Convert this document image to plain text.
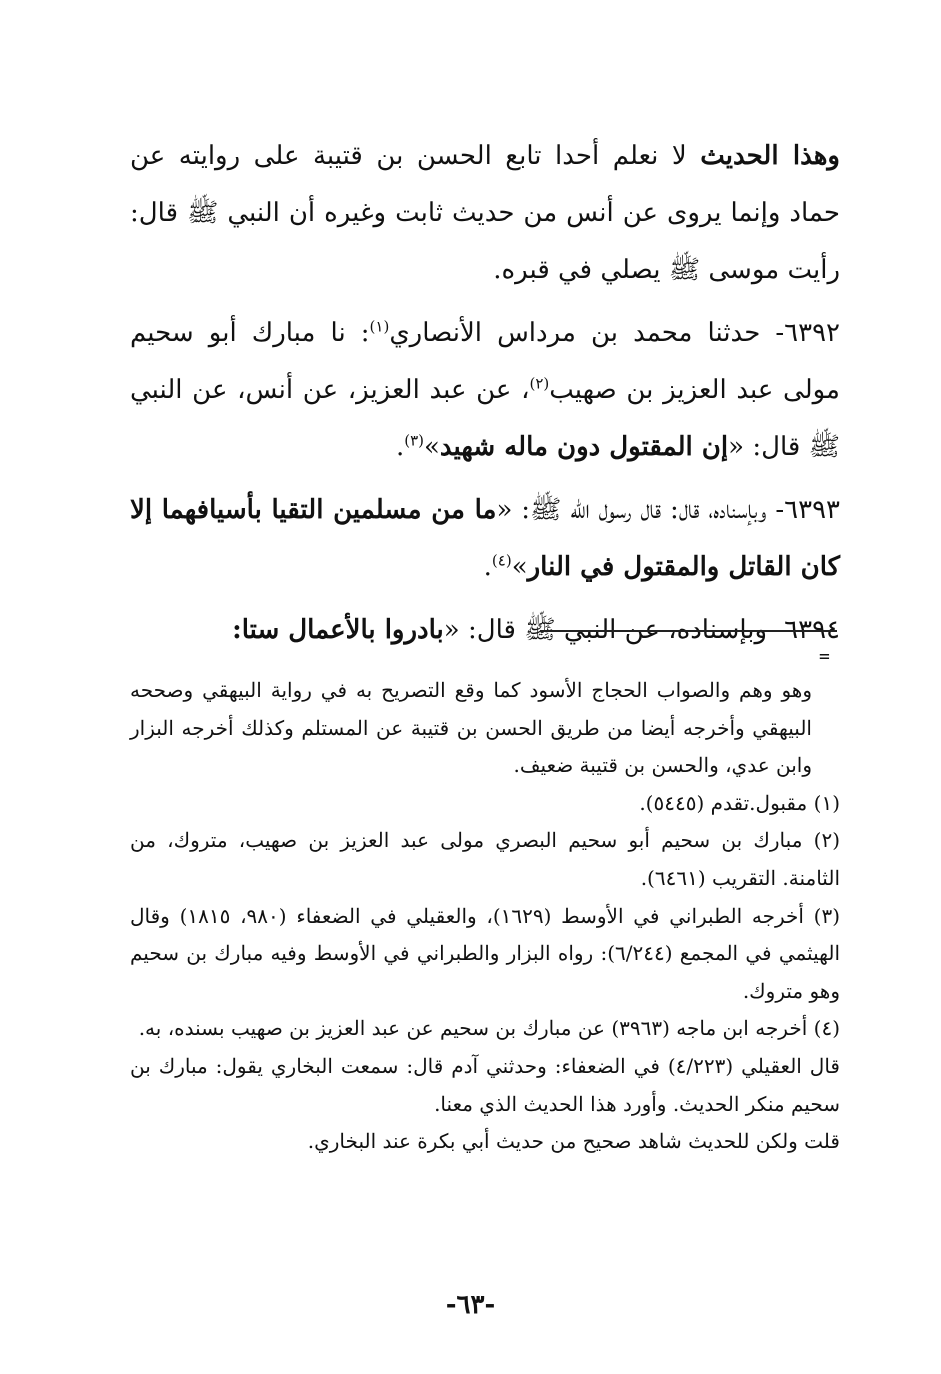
وهذا الحديث لا نعلم أحدا تابع الحسن بن قتيبة على روايته عن حماد وإنما يروى عن أنس من حديث ثابت وغيره أن النبي ﷺ قال: رأيت موسى ﷺ يصلي في قبره.

٦٣٩٢- حدثنا محمد بن مرداس الأنصاري$^{(١)}$: نا مبارك أبو سحيم مولى عبد العزيز بن صهيب$^{(٢)}$، عن عبد العزيز، عن أنس، عن النبي ﷺ قال: «إن المقتول دون ماله شهيد»$^{(٣)}$.

٦٣٩٣- وبإسناده، قال: قال رسول الله ﷺ: «ما من مسلمين التقيا بأسيافهما إلا كان القاتل والمقتول في النار»$^{(٤)}$.

٦٣٩٤- وبإسناده، عن النبي ﷺ قال: «بادروا بالأعمال ستا:

=

وهو وهم والصواب الحجاج الأسود كما وقع التصريح به في رواية البيهقي وصححه البيهقي وأخرجه أيضا من طريق الحسن بن قتيبة عن المستلم وكذلك أخرجه البزار وابن عدي، والحسن بن قتيبة ضعيف.

(١) مقبول.تقدم (٥٤٤٥).

(٢) مبارك بن سحيم أبو سحيم البصري مولى عبد العزيز بن صهيب، متروك، من الثامنة. التقريب (٦٤٦١).

(٣) أخرجه الطبراني في الأوسط (١٦٢٩)، والعقيلي في الضعفاء (٩٨٠، ١٨١٥) وقال الهيثمي في المجمع (٦/٢٤٤): رواه البزار والطبراني في الأوسط وفيه مبارك بن سحيم وهو متروك.

(٤) أخرجه ابن ماجه (٣٩٦٣) عن مبارك بن سحيم عن عبد العزيز بن صهيب بسنده، به.

قال العقيلي (٤/٢٢٣) في الضعفاء: وحدثني آدم قال: سمعت البخاري يقول: مبارك بن سحيم منكر الحديث. وأورد هذا الحديث الذي معنا.

قلت ولكن للحديث شاهد صحيح من حديث أبي بكرة عند البخاري.

-٦٣-
